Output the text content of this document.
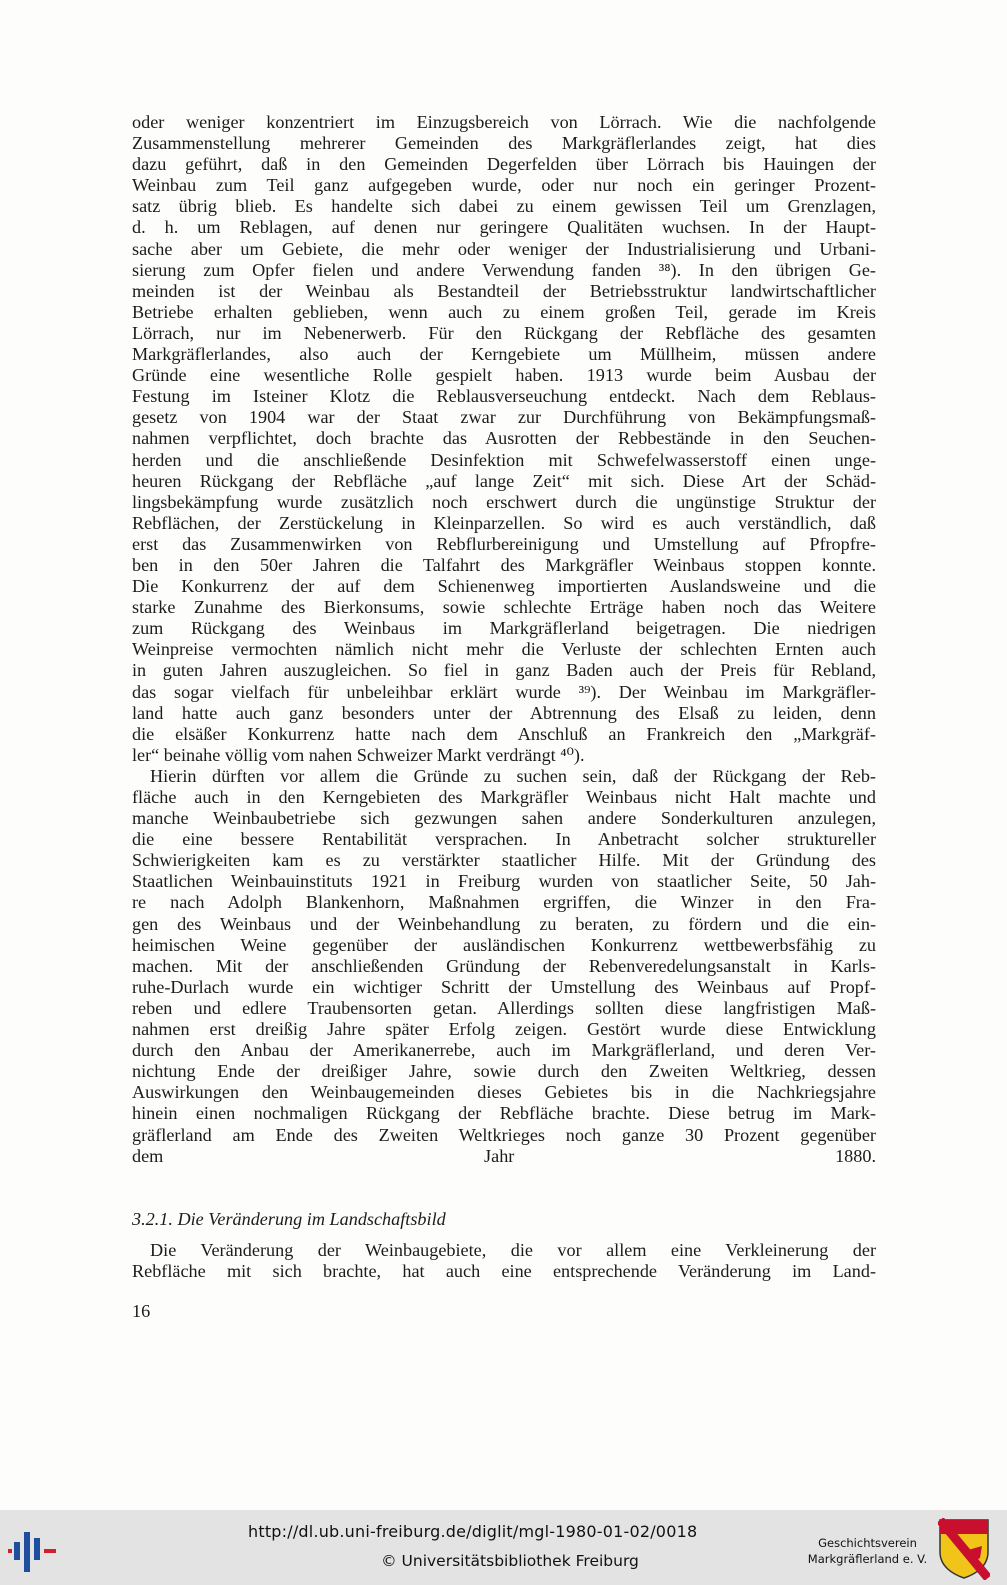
oder weniger konzentriert im Einzugsbereich von Lörrach. Wie die nachfolgende
Zusammenstellung mehrerer Gemeinden des Markgräflerlandes zeigt, hat dies
dazu geführt, daß in den Gemeinden Degerfelden über Lörrach bis Hauingen der
Weinbau zum Teil ganz aufgegeben wurde, oder nur noch ein geringer Prozent-
satz übrig blieb. Es handelte sich dabei zu einem gewissen Teil um Grenzlagen,
d. h. um Reblagen, auf denen nur geringere Qualitäten wuchsen. In der Haupt-
sache aber um Gebiete, die mehr oder weniger der Industrialisierung und Urbani-
sierung zum Opfer fielen und andere Verwendung fanden ³⁸). In den übrigen Ge-
meinden ist der Weinbau als Bestandteil der Betriebsstruktur landwirtschaftlicher
Betriebe erhalten geblieben, wenn auch zu einem großen Teil, gerade im Kreis
Lörrach, nur im Nebenerwerb. Für den Rückgang der Rebfläche des gesamten
Markgräflerlandes, also auch der Kerngebiete um Müllheim, müssen andere
Gründe eine wesentliche Rolle gespielt haben. 1913 wurde beim Ausbau der
Festung im Isteiner Klotz die Reblausverseuchung entdeckt. Nach dem Reblaus-
gesetz von 1904 war der Staat zwar zur Durchführung von Bekämpfungsmaß-
nahmen verpflichtet, doch brachte das Ausrotten der Rebbestände in den Seuchen-
herden und die anschließende Desinfektion mit Schwefelwasserstoff einen unge-
heuren Rückgang der Rebfläche „auf lange Zeit“ mit sich. Diese Art der Schäd-
lingsbekämpfung wurde zusätzlich noch erschwert durch die ungünstige Struktur der
Rebflächen, der Zerstückelung in Kleinparzellen. So wird es auch verständlich, daß
erst das Zusammenwirken von Rebflurbereinigung und Umstellung auf Pfropfre-
ben in den 50er Jahren die Talfahrt des Markgräfler Weinbaus stoppen konnte.
Die Konkurrenz der auf dem Schienenweg importierten Auslandsweine und die
starke Zunahme des Bierkonsums, sowie schlechte Erträge haben noch das Weitere
zum Rückgang des Weinbaus im Markgräflerland beigetragen. Die niedrigen
Weinpreise vermochten nämlich nicht mehr die Verluste der schlechten Ernten auch
in guten Jahren auszugleichen. So fiel in ganz Baden auch der Preis für Rebland,
das sogar vielfach für unbeleihbar erklärt wurde ³⁹). Der Weinbau im Markgräfler-
land hatte auch ganz besonders unter der Abtrennung des Elsaß zu leiden, denn
die elsäßer Konkurrenz hatte nach dem Anschluß an Frankreich den „Markgräf-
ler“ beinahe völlig vom nahen Schweizer Markt verdrängt ⁴⁰).
Hierin dürften vor allem die Gründe zu suchen sein, daß der Rückgang der Reb-
fläche auch in den Kerngebieten des Markgräfler Weinbaus nicht Halt machte und
manche Weinbaubetriebe sich gezwungen sahen andere Sonderkulturen anzulegen,
die eine bessere Rentabilität versprachen. In Anbetracht solcher struktureller
Schwierigkeiten kam es zu verstärkter staatlicher Hilfe. Mit der Gründung des
Staatlichen Weinbauinstituts 1921 in Freiburg wurden von staatlicher Seite, 50 Jah-
re nach Adolph Blankenhorn, Maßnahmen ergriffen, die Winzer in den Fra-
gen des Weinbaus und der Weinbehandlung zu beraten, zu fördern und die ein-
heimischen Weine gegenüber der ausländischen Konkurrenz wettbewerbsfähig zu
machen. Mit der anschließenden Gründung der Rebenveredelungsanstalt in Karls-
ruhe-Durlach wurde ein wichtiger Schritt der Umstellung des Weinbaus auf Propf-
reben und edlere Traubensorten getan. Allerdings sollten diese langfristigen Maß-
nahmen erst dreißig Jahre später Erfolg zeigen. Gestört wurde diese Entwicklung
durch den Anbau der Amerikanerrebe, auch im Markgräflerland, und deren Ver-
nichtung Ende der dreißiger Jahre, sowie durch den Zweiten Weltkrieg, dessen
Auswirkungen den Weinbaugemeinden dieses Gebietes bis in die Nachkriegsjahre
hinein einen nochmaligen Rückgang der Rebfläche brachte. Diese betrug im Mark-
gräflerland am Ende des Zweiten Weltkrieges noch ganze 30 Prozent gegenüber
dem Jahr 1880.
3.2.1. Die Veränderung im Landschaftsbild
Die Veränderung der Weinbaugebiete, die vor allem eine Verkleinerung der
Rebfläche mit sich brachte, hat auch eine entsprechende Veränderung im Land-
16
http://dl.ub.uni-freiburg.de/diglit/mgl-1980-01-02/0018
© Universitätsbibliothek Freiburg
Geschichtsverein
Markgräflerland e. V.
